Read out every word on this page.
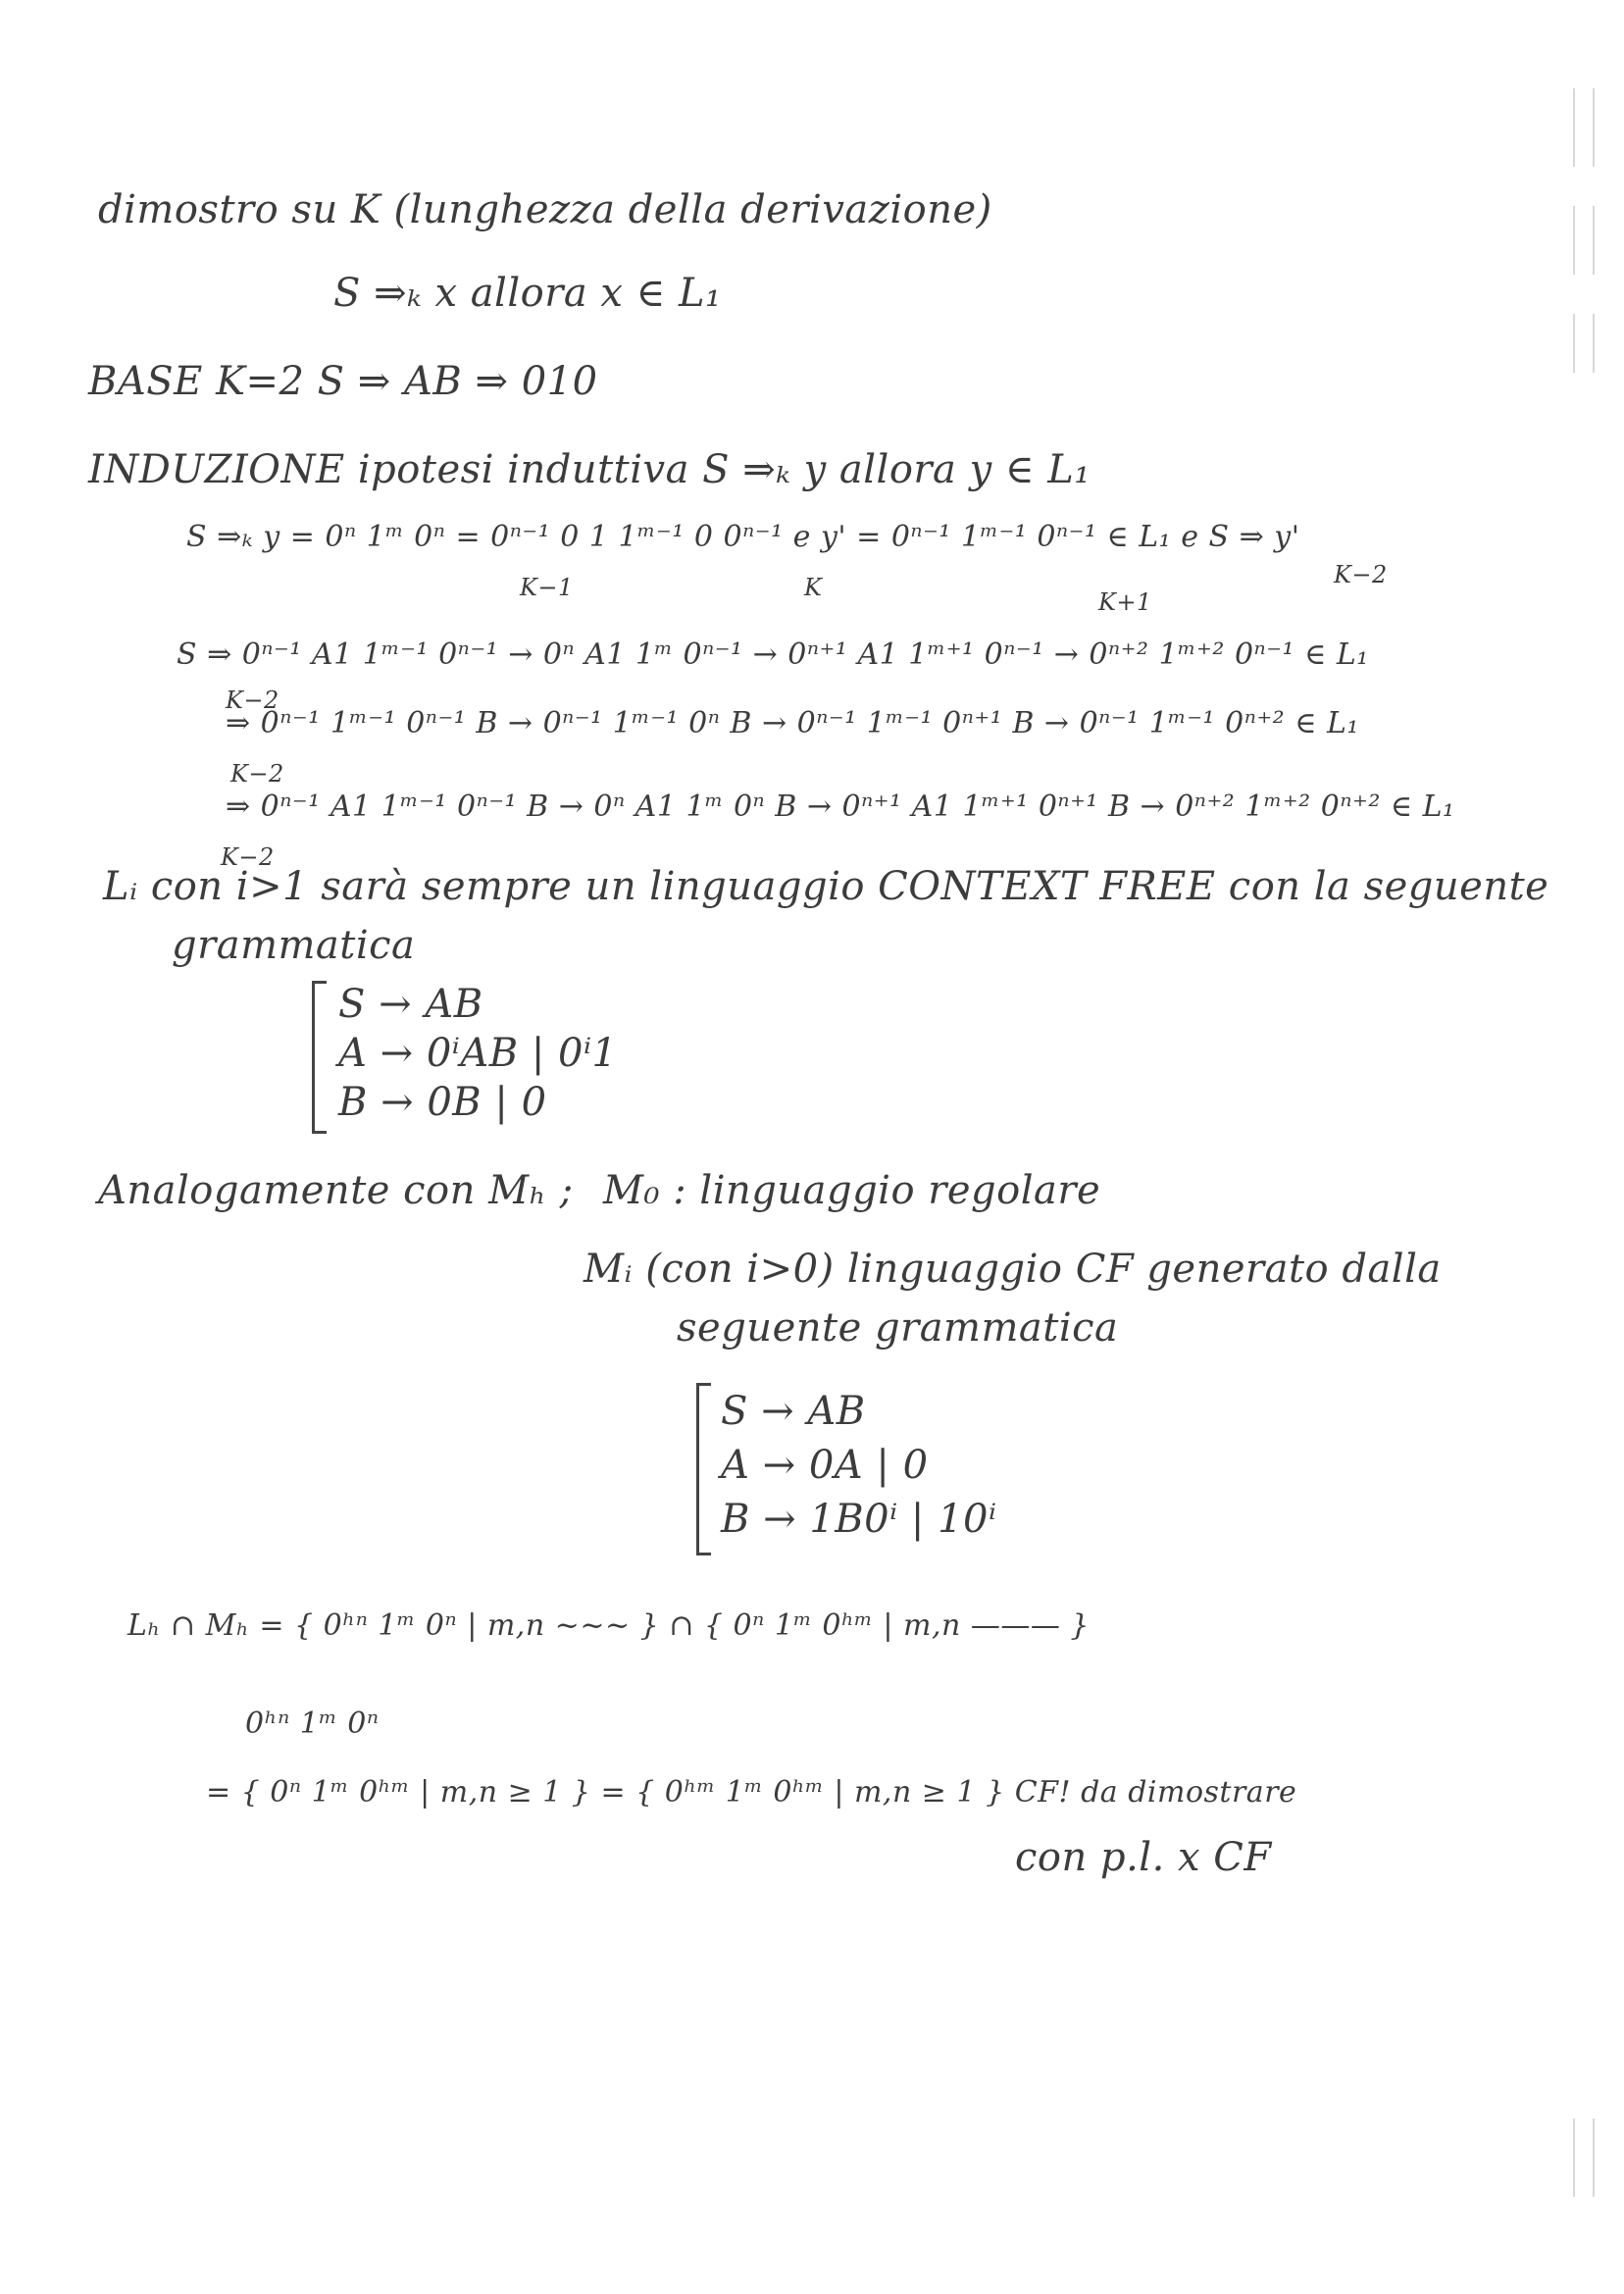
dimostro su K (lunghezza della derivazione)
S ⇒ₖ x allora x ∈ L₁
BASE K=2 S ⇒ AB ⇒ 010
INDUZIONE ipotesi induttiva S ⇒ₖ y allora y ∈ L₁
S ⇒ₖ y = 0ⁿ 1ᵐ 0ⁿ = 0ⁿ⁻¹ 0 1 1ᵐ⁻¹ 0 0ⁿ⁻¹ e y' = 0ⁿ⁻¹ 1ᵐ⁻¹ 0ⁿ⁻¹ ∈ L₁ e S ⇒ y'
K−2
K−1	K
K+1
S ⇒ 0ⁿ⁻¹ A1 1ᵐ⁻¹ 0ⁿ⁻¹ → 0ⁿ A1 1ᵐ 0ⁿ⁻¹ → 0ⁿ⁺¹ A1 1ᵐ⁺¹ 0ⁿ⁻¹ → 0ⁿ⁺² 1ᵐ⁺² 0ⁿ⁻¹ ∈ L₁
K−2
⇒ 0ⁿ⁻¹ 1ᵐ⁻¹ 0ⁿ⁻¹ B → 0ⁿ⁻¹ 1ᵐ⁻¹ 0ⁿ B → 0ⁿ⁻¹ 1ᵐ⁻¹ 0ⁿ⁺¹ B → 0ⁿ⁻¹ 1ᵐ⁻¹ 0ⁿ⁺² ∈ L₁
K−2
⇒ 0ⁿ⁻¹ A1 1ᵐ⁻¹ 0ⁿ⁻¹ B → 0ⁿ A1 1ᵐ 0ⁿ B → 0ⁿ⁺¹ A1 1ᵐ⁺¹ 0ⁿ⁺¹ B → 0ⁿ⁺² 1ᵐ⁺² 0ⁿ⁺² ∈ L₁
K−2
Lᵢ con i>1 sarà sempre un linguaggio CONTEXT FREE con la seguente
grammatica
S → AB
A → 0ⁱAB | 0ⁱ1
B → 0B | 0
Analogamente con Mₕ ; M₀ : linguaggio regolare
Mᵢ (con i>0) linguaggio CF generato dalla
seguente grammatica
S → AB
A → 0A | 0
B → 1B0ⁱ | 10ⁱ
Lₕ ∩ Mₕ = { 0ʰⁿ 1ᵐ 0ⁿ | m,n ~~~ } ∩ { 0ⁿ 1ᵐ 0ʰᵐ | m,n ——— }
0ʰⁿ 1ᵐ 0ⁿ
= { 0ⁿ 1ᵐ 0ʰᵐ | m,n ≥ 1 } = { 0ʰᵐ 1ᵐ 0ʰᵐ | m,n ≥ 1 } CF! da dimostrare
con p.l. x CF
